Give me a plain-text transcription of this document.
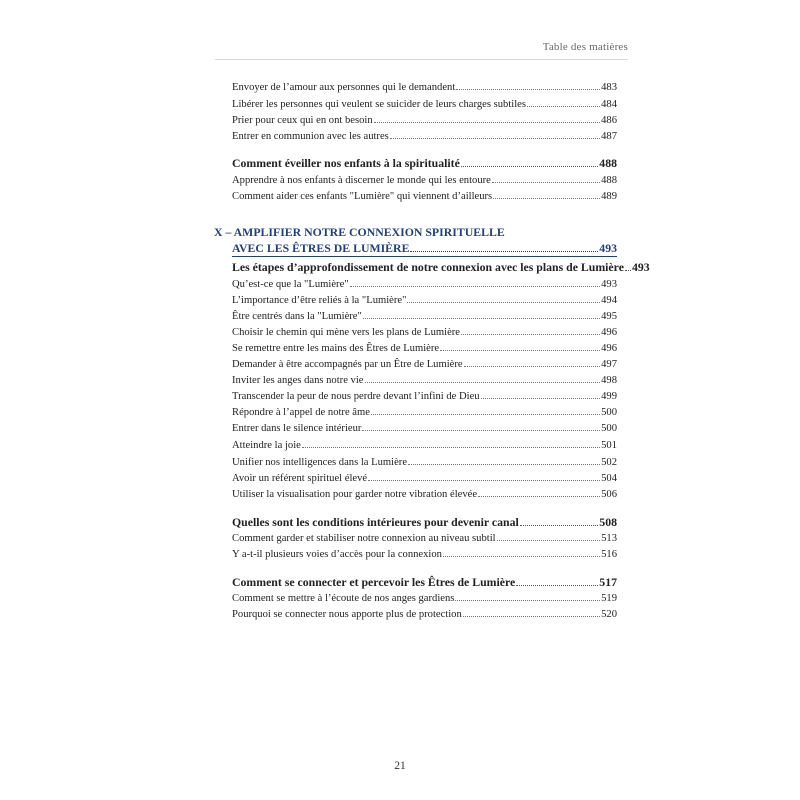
Table des matières
Envoyer de l’amour aux personnes qui le demandent	483
Libérer les personnes qui veulent se suicider de leurs charges subtiles	484
Prier pour ceux qui en ont besoin	486
Entrer en communion avec les autres	487
Comment éveiller nos enfants à la spiritualité	488
Apprendre à nos enfants à discerner le monde qui les entoure	488
Comment aider ces enfants "Lumière" qui viennent d’ailleurs	489
X – AMPLIFIER NOTRE CONNEXION SPIRITUELLE
AVEC LES ÊTRES DE LUMIÈRE	493
Les étapes d’approfondissement de notre connexion avec les plans de Lumière 493
Qu’est-ce que la "Lumière"	493
L’importance d’être reliés à la "Lumière"	494
Être centrés dans la "Lumière"	495
Choisir le chemin qui mène vers les plans de Lumière	496
Se remettre entre les mains des Êtres de Lumière	496
Demander à être accompagnés par un Être de Lumière	497
Inviter les anges dans notre vie	498
Transcender la peur de nous perdre devant l’infini de Dieu	499
Répondre à l’appel de notre âme	500
Entrer dans le silence intérieur	500
Atteindre la joie	501
Unifier nos intelligences dans la Lumière	502
Avoir un référent spirituel élevé	504
Utiliser la visualisation pour garder notre vibration élevée	506
Quelles sont les conditions intérieures pour devenir canal	508
Comment garder et stabiliser notre connexion au niveau subtil	513
Y a-t-il plusieurs voies d’accès pour la connexion	516
Comment se connecter et percevoir les Êtres de Lumière	517
Comment se mettre à l’écoute de nos anges gardiens	519
Pourquoi se connecter nous apporte plus de protection	520
21
